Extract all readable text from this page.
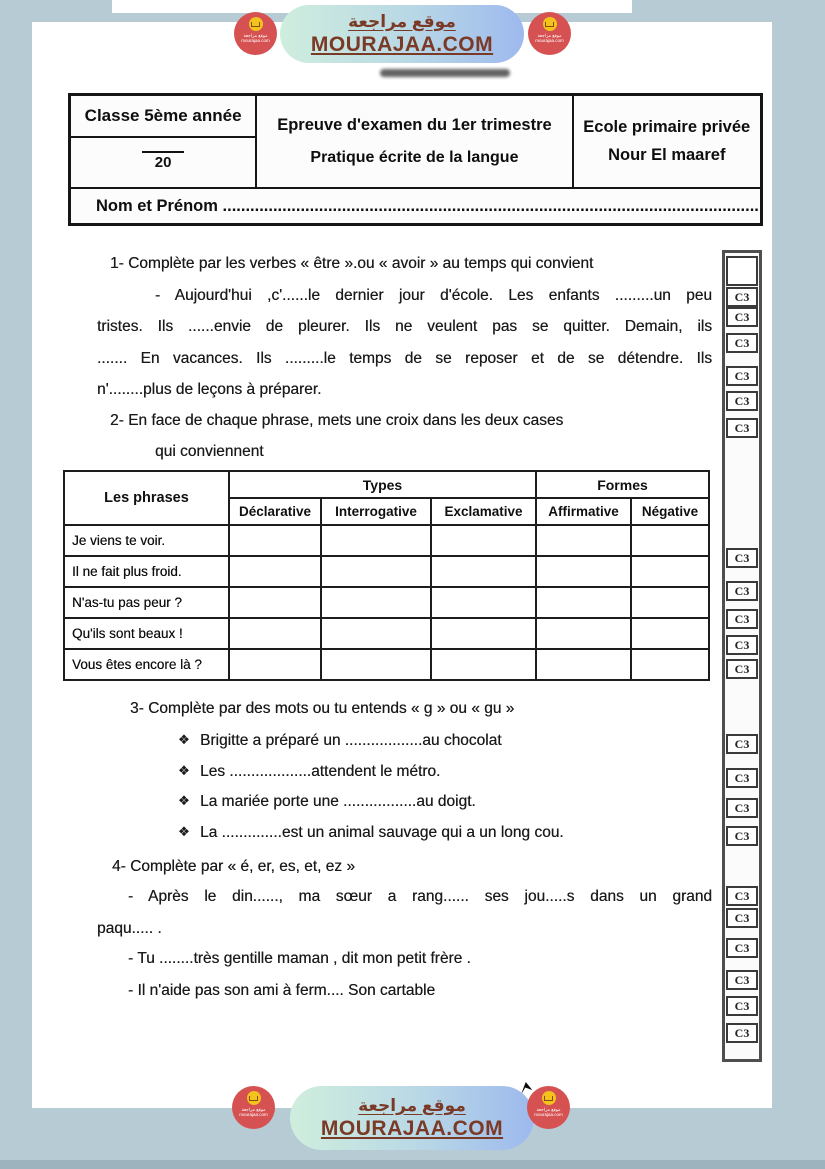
موقع مراجعة
MOURAJAA.COM
موقع مراجعة
mourajaa.com
موقع مراجعة
mourajaa.com
Classe 5ème année	Epreuve d'examen du 1er trimestre
Pratique écrite de la langue

Ecole primaire privée
Nour El maaref

20
Nom et Prénom .....................................................................................................................
1- Complète par les verbes « être ».ou « avoir » au temps qui convient
- Aujourd'hui ,c'......le dernier jour d'école. Les enfants .........un peu
tristes. Ils ......envie de pleurer. Ils ne veulent pas se quitter. Demain, ils
....... En vacances. Ils .........le temps de se reposer et de se détendre. Ils
n'........plus de leçons à préparer.
2- En face de chaque phrase, mets une croix dans les deux cases
qui conviennent
Les phrases	Types			Formes	
	Déclarative	Interrogative	Exclamative	Affirmative	Négative
Je viens te voir.					
Il ne fait plus froid.					
N'as-tu pas peur ?					
Qu'ils sont beaux !					
Vous êtes encore là ?					
3- Complète par des mots ou tu entends « g » ou « gu »
❖ Brigitte a préparé un ..................au chocolat
❖ Les ...................attendent le métro.
❖ La mariée porte une .................au doigt.
❖ La ..............est un animal sauvage qui a un long cou.
4- Complète par « é, er, es, et, ez »
- Après le din......, ma sœur a rang...... ses jou.....s dans un grand
paqu..... .
- Tu ........très gentille maman , dit mon petit frère .
- Il n'aide pas son ami à ferm.... Son cartable
C3
C3
C3
C3
C3
C3
C3
C3
C3
C3
C3
C3
C3
C3
C3
C3
C3
C3
C3
C3
C3
موقع مراجعة
MOURAJAA.COM
موقع مراجعة
mourajaa.com
موقع مراجعة
mourajaa.com
